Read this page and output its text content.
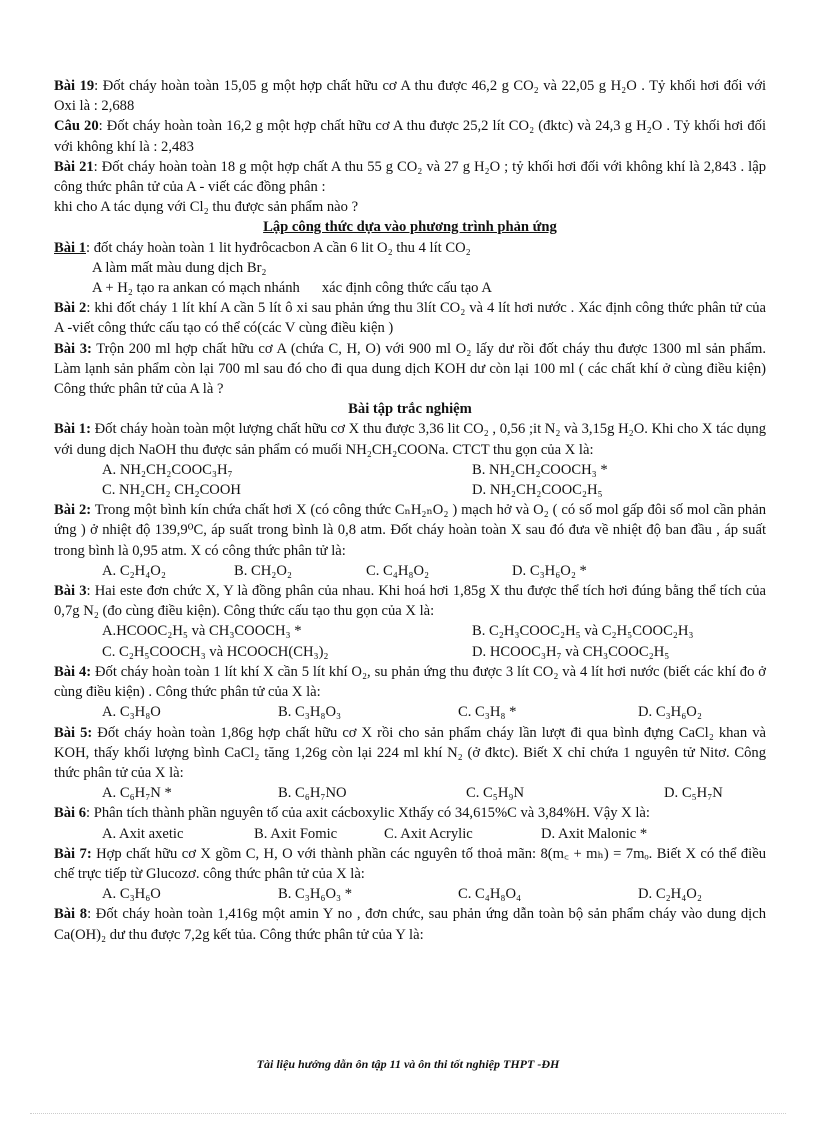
Bài 19: Đốt cháy hoàn toàn 15,05 g một hợp chất hữu cơ A thu được 46,2 g CO₂ và 22,05 g H₂O . Tỷ khối hơi đối với Oxi là : 2,688

Câu 20: Đốt cháy hoàn toàn 16,2 g một hợp chất hữu cơ A thu được 25,2 lít CO₂ (đktc) và 24,3 g H₂O . Tỷ khối hơi đối với không khí là : 2,483

Bài 21: Đốt cháy hoàn toàn 18 g một hợp chất A thu 55 g CO₂ và 27 g H₂O ; tỷ khối hơi đối với không khí là 2,843 . lập công thức phân tử của A - viết các đồng phân :

khi cho A tác dụng với Cl₂ thu được sản phẩm nào ?

Lập công thức dựa vào phương trình phản ứng

Bài 1: đốt cháy hoàn toàn 1 lit hyđrôcacbon A cần 6 lit O₂ thu 4 lít CO₂

A làm mất màu dung dịch Br₂

A + H₂ tạo ra ankan có mạch nhánh xác định công thức cấu tạo A

Bài 2: khi đốt cháy 1 lít khí A cần 5 lít ô xi sau phản ứng thu 3lít CO₂ và 4 lít hơi nước . Xác định công thức phân tử của A -viết công thức cấu tạo có thể có(các V cùng điều kiện )

Bài 3: Trộn 200 ml hợp chất hữu cơ A (chứa C, H, O) với 900 ml O₂ lấy dư rồi đốt cháy thu được 1300 ml sản phẩm. Làm lạnh sản phẩm còn lại 700 ml sau đó cho đi qua dung dịch KOH dư còn lại 100 ml ( các chất khí ở cùng điều kiện) Công thức phân tử của A là ?

Bài tập trắc nghiệm

Bài 1: Đốt cháy hoàn toàn một lượng chất hữu cơ X thu được 3,36 lit CO₂ , 0,56 ;it N₂ và 3,15g H₂O. Khi cho X tác dụng với dung dịch NaOH thu được sản phẩm có muối NH₂CH₂COONa. CTCT thu gọn của X là:

A. NH₂CH₂COOC₃H₇	B. NH₂CH₂COOCH₃ *
C. NH₂CH₂ CH₂COOH	D. NH₂CH₂COOC₂H₅

Bài 2: Trong một bình kín chứa chất hơi X (có công thức CₙH₂ₙO₂ ) mạch hở và O₂ ( có số mol gấp đôi số mol cần phản ứng ) ở nhiệt độ 139,9⁰C, áp suất trong bình là 0,8 atm. Đốt cháy hoàn toàn X sau đó đưa về nhiệt độ ban đầu , áp suất trong bình là 0,95 atm. X có công thức phân tử là:

A. C₂H₄O₂	B. CH₂O₂	C. C₄H₈O₂	D. C₃H₆O₂ *

Bài 3: Hai este đơn chức X, Y là đồng phân của nhau. Khi hoá hơi 1,85g X thu được thể tích hơi đúng bằng thể tích của 0,7g N₂ (đo cùng điều kiện). Công thức cấu tạo thu gọn của X là:

A.HCOOC₂H₅ và CH₃COOCH₃ *	B. C₂H₃COOC₂H₅ và C₂H₅COOC₂H₃
C. C₂H₅COOCH₃ và HCOOCH(CH₃)₂	D. HCOOC₃H₇ và CH₃COOC₂H₅

Bài 4: Đốt cháy hoàn toàn 1 lít khí X cần 5 lít khí O₂, su phản ứng thu được 3 lít CO₂ và 4 lít hơi nước (biết các khí đo ở cùng điều kiện) . Công thức phân tử của X là:

A. C₃H₈O	B. C₃H₈O₃	C. C₃H₈ *	D. C₃H₆O₂

Bài 5: Đốt cháy hoàn toàn 1,86g hợp chất hữu cơ X rồi cho sản phẩm cháy lần lượt đi qua bình đựng CaCl₂ khan và KOH, thấy khối lượng bình CaCl₂ tăng 1,26g còn lại 224 ml khí N₂ (ở đktc). Biết X chỉ chứa 1 nguyên tử Nitơ. Công thức phân tử của X là:

A. C₆H₇N *	B. C₆H₇NO	C. C₅H₉N	D. C₅H₇N

Bài 6: Phân tích thành phần nguyên tố của axit cácboxylic Xthấy có 34,615%C và 3,84%H. Vậy X là:

A. Axit axetic	B. Axit Fomic	C. Axit Acrylic	D. Axit Malonic *

Bài 7: Hợp chất hữu cơ X gồm C, H, O với thành phần các nguyên tố thoả mãn: 8(m꜀ + mₕ) = 7mₒ. Biết X có thể điều chế trực tiếp từ Glucozơ. công thức phân tử của X là:

A. C₃H₆O	B. C₃H₆O₃ *	C. C₄H₈O₄	D. C₂H₄O₂

Bài 8: Đốt cháy hoàn toàn 1,416g một amin Y no , đơn chức, sau phản ứng dẫn toàn bộ sản phẩm cháy vào dung dịch Ca(OH)₂ dư thu được 7,2g kết tủa. Công thức phân tử của Y là:

Tài liệu hướng dẫn ôn tập 11 và ôn thi tốt nghiệp THPT -ĐH
